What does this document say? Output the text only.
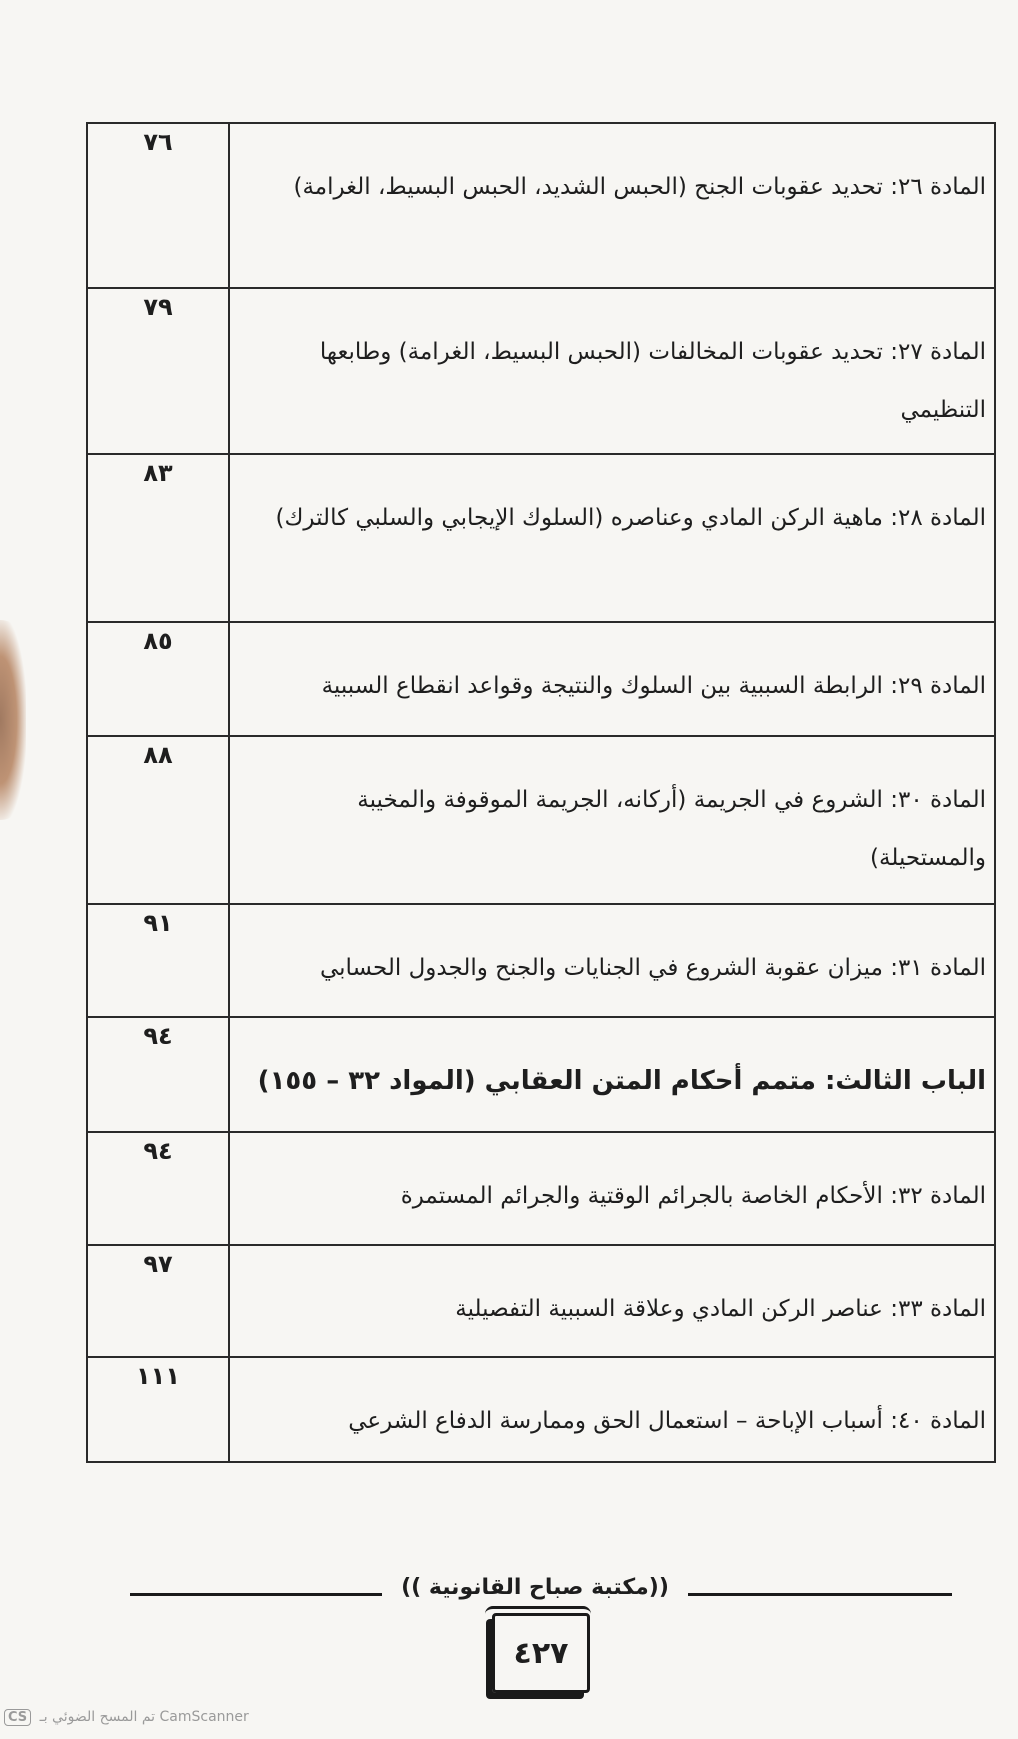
المادة ٢٦: تحديد عقوبات الجنح (الحبس الشديد، الحبس البسيط، الغرامة)
٧٦
المادة ٢٧: تحديد عقوبات المخالفات (الحبس البسيط، الغرامة) وطابعها التنظيمي
٧٩
المادة ٢٨: ماهية الركن المادي وعناصره (السلوك الإيجابي والسلبي كالترك)
٨٣
المادة ٢٩: الرابطة السببية بين السلوك والنتيجة وقواعد انقطاع السببية
٨٥
المادة ٣٠: الشروع في الجريمة (أركانه، الجريمة الموقوفة والمخيبة والمستحيلة)
٨٨
المادة ٣١: ميزان عقوبة الشروع في الجنايات والجنح والجدول الحسابي
٩١
الباب الثالث: متمم أحكام المتن العقابي (المواد ٣٢ – ١٥٥)
٩٤
المادة ٣٢: الأحكام الخاصة بالجرائم الوقتية والجرائم المستمرة
٩٤
المادة ٣٣: عناصر الركن المادي وعلاقة السببية التفصيلية
٩٧
المادة ٤٠: أسباب الإباحة – استعمال الحق وممارسة الدفاع الشرعي
١١١
((مكتبة صباح القانونية ))
٤٢٧
CS تم المسح الضوئي بـ CamScanner
